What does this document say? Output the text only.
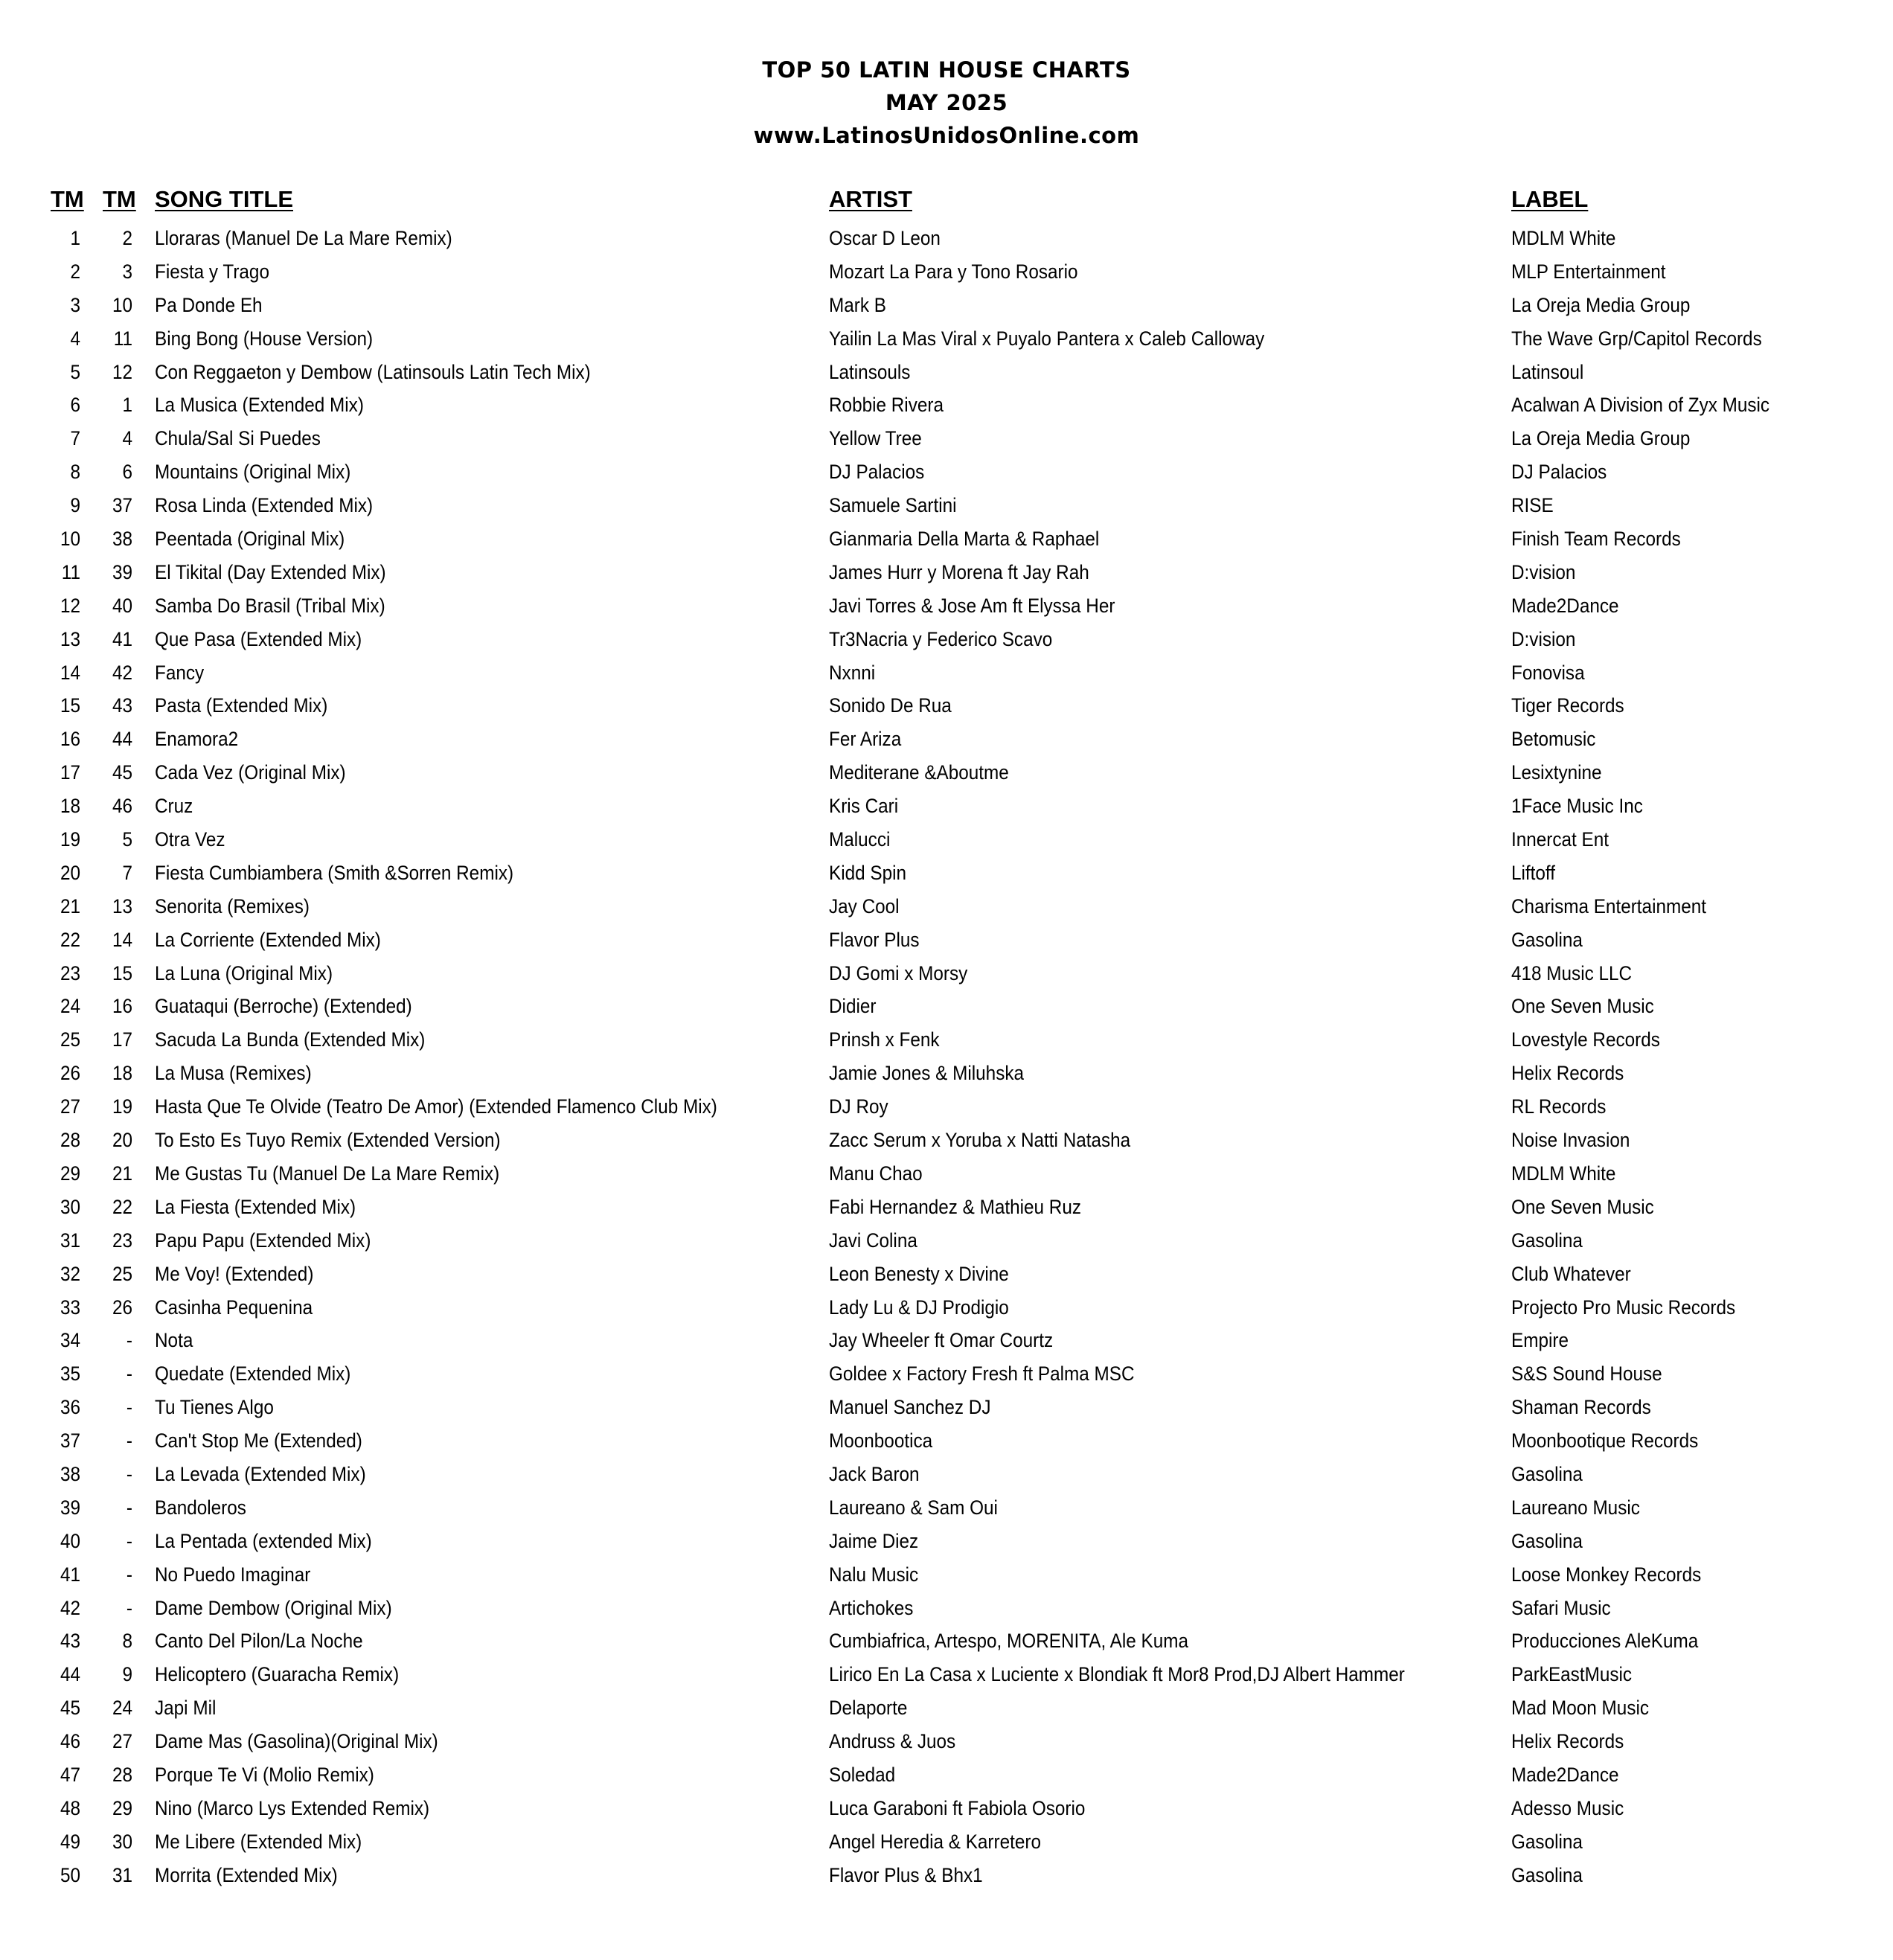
TOP 50 LATIN HOUSE CHARTS
MAY 2025
www.LatinosUnidosOnline.com
TM TM SONG TITLE	ARTIST	LABEL
1	2 Lloraras (Manuel De La Mare Remix)	Oscar D Leon	MDLM White
2	3 Fiesta y Trago	Mozart La Para y Tono Rosario	MLP Entertainment
3	10 Pa Donde Eh	Mark B	La Oreja Media Group
4	11 Bing Bong (House Version)	Yailin La Mas Viral x Puyalo Pantera x Caleb Calloway	The Wave Grp/Capitol Records
5	12 Con Reggaeton y Dembow (Latinsouls Latin Tech Mix)	Latinsouls	Latinsoul
6	1 La Musica (Extended Mix)	Robbie Rivera	Acalwan A Division of Zyx Music
7	4 Chula/Sal Si Puedes	Yellow Tree	La Oreja Media Group
8	6 Mountains (Original Mix)	DJ Palacios	DJ Palacios
9	37 Rosa Linda (Extended Mix)	Samuele Sartini	RISE
10	38 Peentada (Original Mix)	Gianmaria Della Marta & Raphael	Finish Team Records
11	39 El Tikital (Day Extended Mix)	James Hurr y Morena ft Jay Rah	D:vision
12	40 Samba Do Brasil (Tribal Mix)	Javi Torres & Jose Am ft Elyssa Her	Made2Dance
13	41 Que Pasa (Extended Mix)	Tr3Nacria y Federico Scavo	D:vision
14	42 Fancy	Nxnni	Fonovisa
15	43 Pasta (Extended Mix)	Sonido De Rua	Tiger Records
16	44 Enamora2	Fer Ariza	Betomusic
17	45 Cada Vez (Original Mix)	Mediterane &Aboutme	Lesixtynine
18	46 Cruz	Kris Cari	1Face Music Inc
19	5 Otra Vez	Malucci	Innercat Ent
20	7 Fiesta Cumbiambera (Smith &Sorren Remix)	Kidd Spin	Liftoff
21	13 Senorita (Remixes)	Jay Cool	Charisma Entertainment
22	14 La Corriente (Extended Mix)	Flavor Plus	Gasolina
23	15 La Luna (Original Mix)	DJ Gomi x Morsy	418 Music LLC
24	16 Guataqui (Berroche) (Extended)	Didier	One Seven Music
25	17 Sacuda La Bunda (Extended Mix)	Prinsh x Fenk	Lovestyle Records
26	18 La Musa (Remixes)	Jamie Jones & Miluhska	Helix Records
27	19 Hasta Que Te Olvide (Teatro De Amor) (Extended Flamenco Club Mix)	DJ Roy	RL Records
28	20 To Esto Es Tuyo Remix (Extended Version)	Zacc Serum x Yoruba x Natti Natasha	Noise Invasion
29	21 Me Gustas Tu (Manuel De La Mare Remix)	Manu Chao	MDLM White
30	22 La Fiesta (Extended Mix)	Fabi Hernandez & Mathieu Ruz	One Seven Music
31	23 Papu Papu (Extended Mix)	Javi Colina	Gasolina
32	25 Me Voy! (Extended)	Leon Benesty x Divine	Club Whatever
33	26 Casinha Pequenina	Lady Lu & DJ Prodigio	Projecto Pro Music Records
34	- Nota	Jay Wheeler ft Omar Courtz	Empire
35	- Quedate (Extended Mix)	Goldee x Factory Fresh ft Palma MSC	S&S Sound House
36	- Tu Tienes Algo	Manuel Sanchez DJ	Shaman Records
37	- Can't Stop Me (Extended)	Moonbootica	Moonbootique Records
38	- La Levada (Extended Mix)	Jack Baron	Gasolina
39	- Bandoleros	Laureano & Sam Oui	Laureano Music
40	- La Pentada (extended Mix)	Jaime Diez	Gasolina
41	- No Puedo Imaginar	Nalu Music	Loose Monkey Records
42	- Dame Dembow (Original Mix)	Artichokes	Safari Music
43	8 Canto Del Pilon/La Noche	Cumbiafrica, Artespo, MORENITA, Ale Kuma	Producciones AleKuma
44	9 Helicoptero (Guaracha Remix)	Lirico En La Casa x Luciente x Blondiak ft Mor8 Prod,DJ Albert Hammer	ParkEastMusic
45	24 Japi Mil	Delaporte	Mad Moon Music
46	27 Dame Mas (Gasolina)(Original Mix)	Andruss & Juos	Helix Records
47	28 Porque Te Vi (Molio Remix)	Soledad	Made2Dance
48	29 Nino (Marco Lys Extended Remix)	Luca Garaboni ft Fabiola Osorio	Adesso Music
49	30 Me Libere (Extended Mix)	Angel Heredia & Karretero	Gasolina
50	31 Morrita (Extended Mix)	Flavor Plus & Bhx1	Gasolina
